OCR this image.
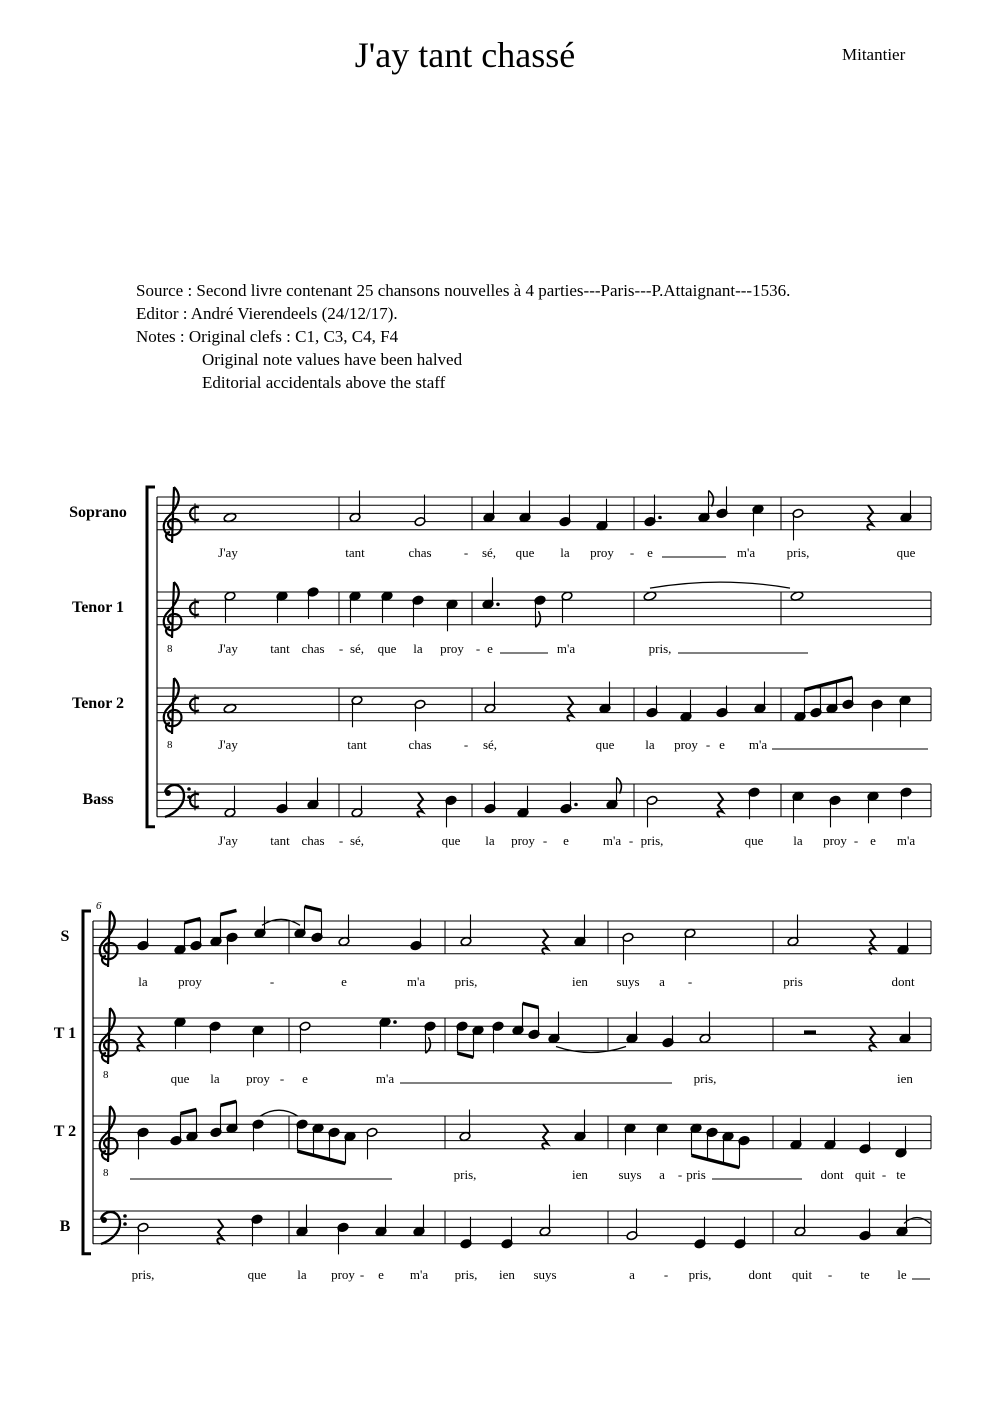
J'ay tant chassé	Mitantier
Source : Second livre contenant 25 chansons nouvelles à 4 parties---Paris---P.Attaignant---1536.
Editor : André Vierendeels (24/12/17).
Notes : Original clefs : C1, C3, C4, F4
Original note values have been halved
Editorial accidentals above the staff
Soprano
Tenor 1
Tenor 2
Bass
8
8
J'ay	tant	chas - sé, que la proy - e	m'a pris,	que
J'ay tant chas - sé, que la proy - e	m'a	pris,
J'ay	tant	chas - sé,	que la proy - e m'a
J'ay tant chas - sé,	que la proy - e	m'a - pris,	que la proy - e m'a
S
T 1
T 2
B
8
8
6
la proy	-	e	m'a pris,	ien suys a -	pris	dont
que la proy - e	m'a	pris,	ien
pris,	ien suys a - pris	dont quit - te
pris,	que la proy - e m'a pris, ien suys	a - pris,	dont quit - te le
